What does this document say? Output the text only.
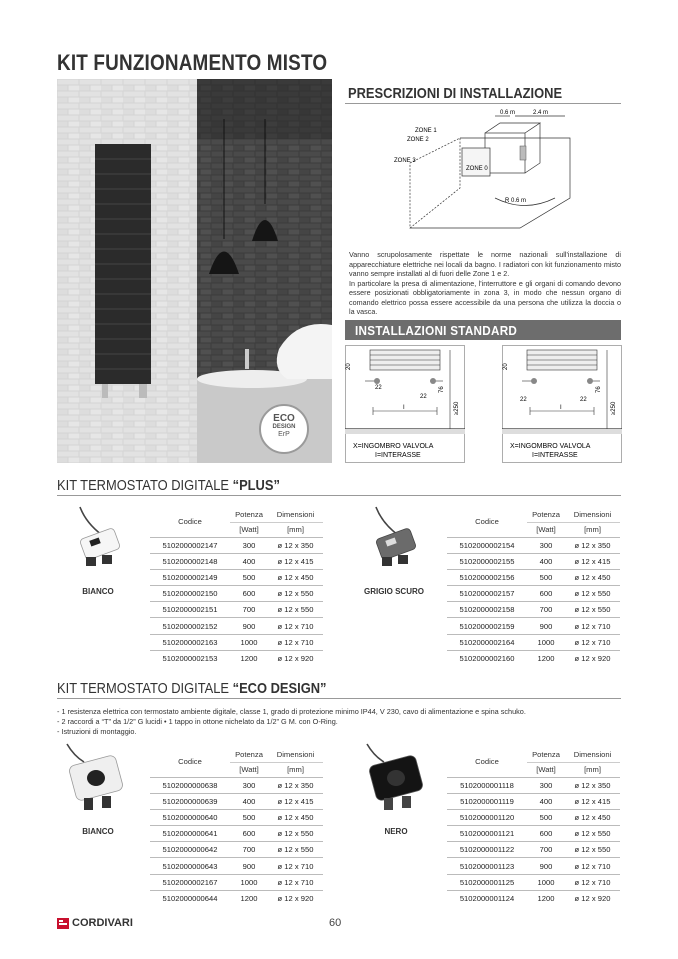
KIT FUNZIONAMENTO MISTO
ECO
DESIGN
ErP
PRESCRIZIONI DI INSTALLAZIONE
ZONE 1
ZONE 2
ZONE 3
ZONE 0
0.6 m	2.4 m
R 0.6 m

Vanno scrupolosamente rispettate le norme nazionali sull'installazione di apparecchiature elettriche nei locali da bagno. I radiatori con kit funzionamento misto vanno sempre installati al di fuori delle Zone 1 e 2.

In particolare la presa di alimentazione, l'interruttore e gli organi di comando devono essere posizionati obbligatoriamente in zona 3, in modo che nessun organo di comando elettrico possa essere accessibile da una persona che utilizza la doccia o la vasca.

INSTALLAZIONI STANDARD
20
22
22
76
≥250
I
X=INGOMBRO VALVOLA
I=INTERASSE
20
22	22
76
≥250
I
X=INGOMBRO VALVOLA
I=INTERASSE
KIT TERMOSTATO DIGITALE “PLUS”
BIANCO
Codice	Potenza	Dimensioni
	[Watt]	[mm]
5102000002147	300	ø 12 x 350
5102000002148	400	ø 12 x 415
5102000002149	500	ø 12 x 450
5102000002150	600	ø 12 x 550
5102000002151	700	ø 12 x 550
5102000002152	900	ø 12 x 710
5102000002163	1000	ø 12 x 710
5102000002153	1200	ø 12 x 920
GRIGIO SCURO
Codice	Potenza	Dimensioni
	[Watt]	[mm]
5102000002154	300	ø 12 x 350
5102000002155	400	ø 12 x 415
5102000002156	500	ø 12 x 450
5102000002157	600	ø 12 x 550
5102000002158	700	ø 12 x 550
5102000002159	900	ø 12 x 710
5102000002164	1000	ø 12 x 710
5102000002160	1200	ø 12 x 920
KIT TERMOSTATO DIGITALE “ECO DESIGN”
- 1 resistenza elettrica con termostato ambiente digitale, classe 1, grado di protezione minimo IP44, V 230, cavo di alimentazione e spina schuko.
- 2 raccordi a “T” da 1/2” G lucidi • 1 tappo in ottone nichelato da 1/2” G M. con O-Ring.
- Istruzioni di montaggio.
BIANCO
Codice	Potenza	Dimensioni
	[Watt]	[mm]
5102000000638	300	ø 12 x 350
5102000000639	400	ø 12 x 415
5102000000640	500	ø 12 x 450
5102000000641	600	ø 12 x 550
5102000000642	700	ø 12 x 550
5102000000643	900	ø 12 x 710
5102000002167	1000	ø 12 x 710
5102000000644	1200	ø 12 x 920
NERO
Codice	Potenza	Dimensioni
	[Watt]	[mm]
5102000001118	300	ø 12 x 350
5102000001119	400	ø 12 x 415
5102000001120	500	ø 12 x 450
5102000001121	600	ø 12 x 550
5102000001122	700	ø 12 x 550
5102000001123	900	ø 12 x 710
5102000001125	1000	ø 12 x 710
5102000001124	1200	ø 12 x 920
CORDIVARI	60
